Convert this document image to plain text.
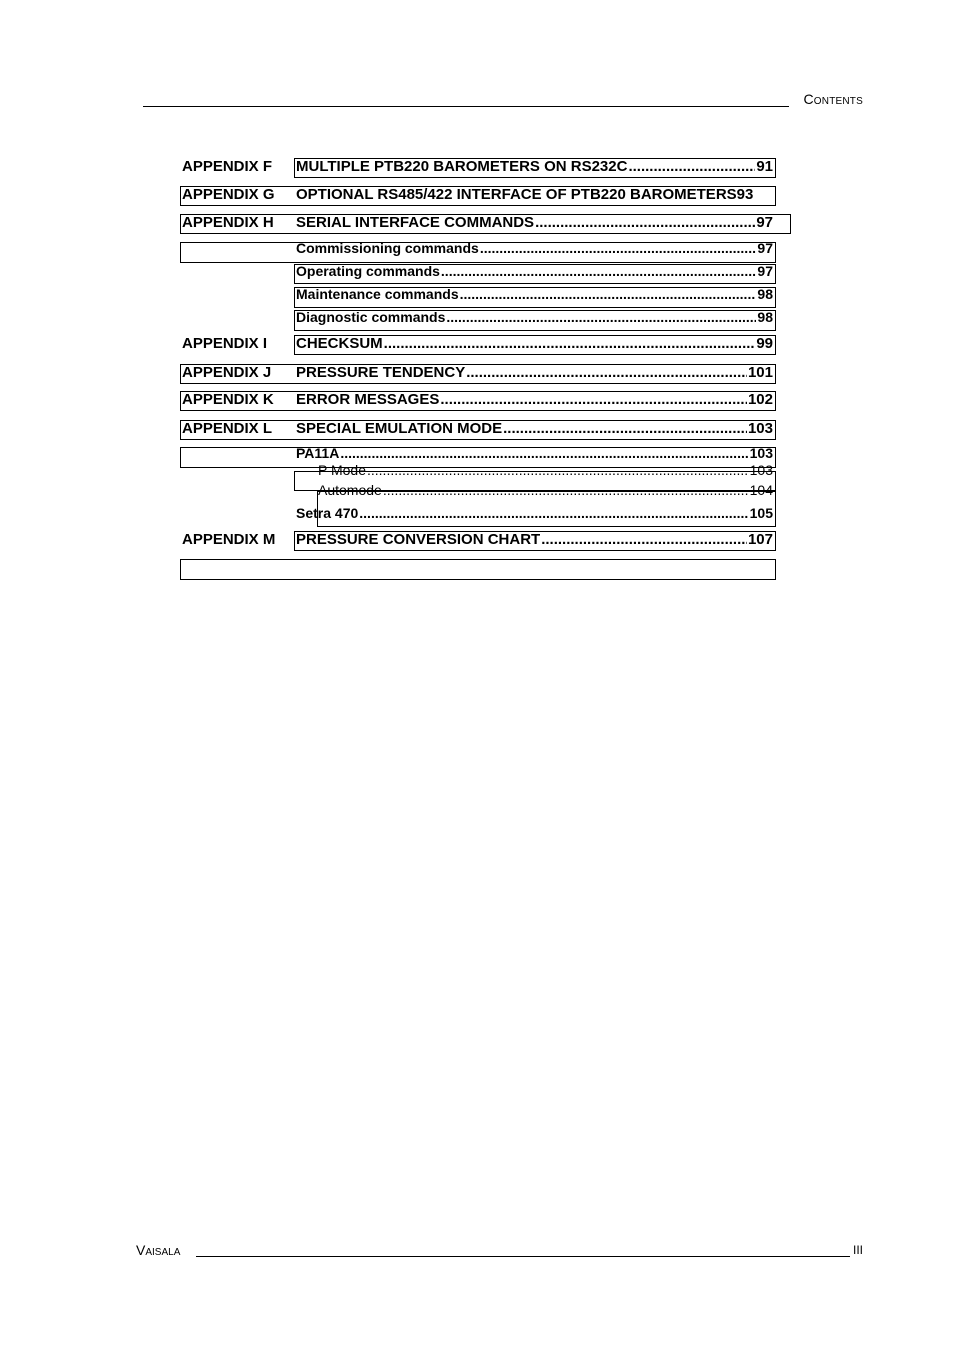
Contents
APPENDIX F	MULTIPLE PTB220 BAROMETERS ON RS232C .....	91
APPENDIX G	OPTIONAL RS485/422 INTERFACE OF PTB220 BAROMETERS 93
APPENDIX H	SERIAL INTERFACE COMMANDS .....	97
Commissioning commands .....	97
Operating commands .....	97
Maintenance commands .....	98
Diagnostic commands .....	98
APPENDIX I	CHECKSUM .....	99
APPENDIX J	PRESSURE TENDENCY .....	101
APPENDIX K	ERROR MESSAGES .....	102
APPENDIX L	SPECIAL EMULATION MODE .....	103
PA11A .....	103
P Mode .....	103
Automode .....	104
Setra 470 .....	105
APPENDIX M	PRESSURE CONVERSION CHART .....	107
Vaisala	III
